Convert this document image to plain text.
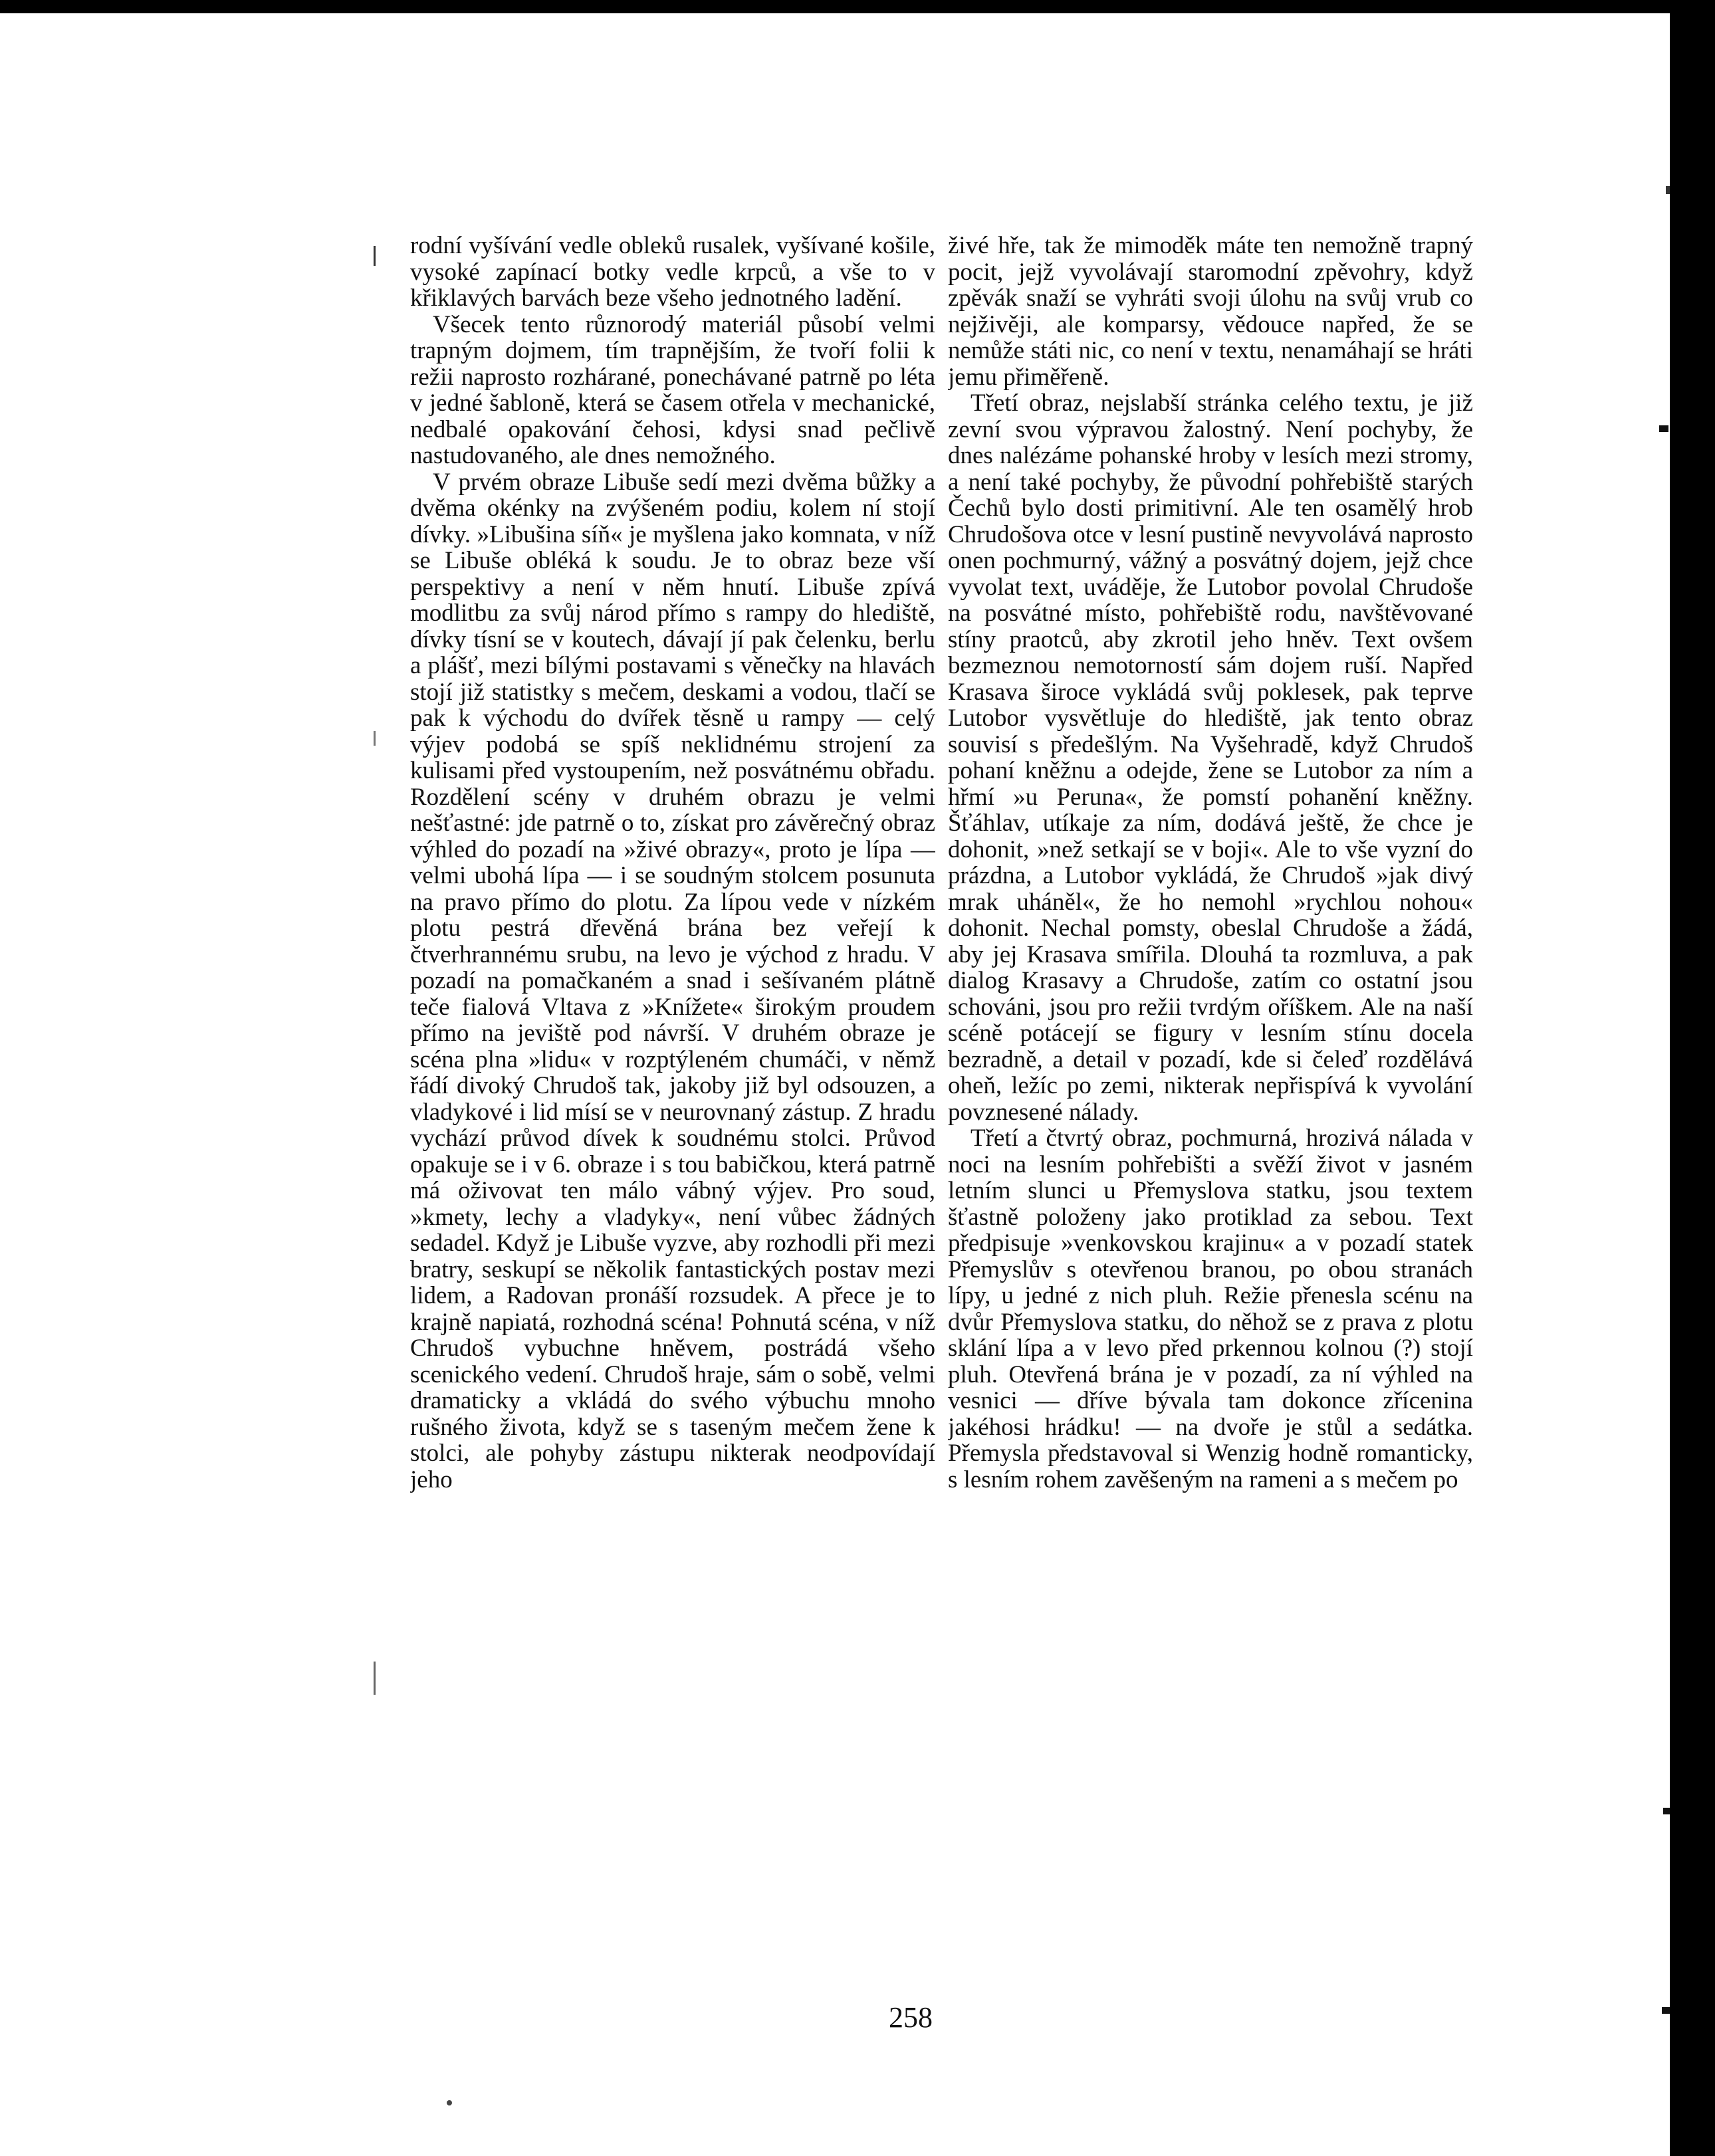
rodní vyšívání vedle obleků rusalek, vyšívané košile, vysoké zapínací botky vedle krpců, a vše to v křiklavých barvách beze všeho jednotného ladění.

Všecek tento různorodý materiál působí velmi trapným dojmem, tím trapnějším, že tvoří folii k režii naprosto rozhárané, ponechávané patrně po léta v jedné šabloně, která se časem otřela v mechanické, nedbalé opakování čehosi, kdysi snad pečlivě nastudovaného, ale dnes nemožného.

V prvém obraze Libuše sedí mezi dvěma bůžky a dvěma okénky na zvýšeném podiu, kolem ní stojí dívky. »Libušina síň« je myšlena jako komnata, v níž se Libuše obléká k soudu. Je to obraz beze vší perspektivy a není v něm hnutí. Libuše zpívá modlitbu za svůj národ přímo s rampy do hlediště, dívky tísní se v koutech, dávají jí pak čelenku, berlu a plášť, mezi bílými postavami s věnečky na hlavách stojí již statistky s mečem, deskami a vodou, tlačí se pak k východu do dvířek těsně u rampy — celý výjev podobá se spíš neklidnému strojení za kulisami před vystoupením, než posvátnému obřadu. Rozdělení scény v druhém obrazu je velmi nešťastné: jde patrně o to, získat pro závěrečný obraz výhled do pozadí na »živé obrazy«, proto je lípa — velmi ubohá lípa — i se soudným stolcem posunuta na pravo přímo do plotu. Za lípou vede v nízkém plotu pestrá dřevěná brána bez veřejí k čtverhrannému srubu, na levo je východ z hradu. V pozadí na pomačkaném a snad i sešívaném plátně teče fialová Vltava z »Knížete« širokým proudem přímo na jeviště pod návrší. V druhém obraze je scéna plna »lidu« v rozptýleném chumáči, v němž řádí divoký Chrudoš tak, jakoby již byl odsouzen, a vladykové i lid mísí se v neurovnaný zástup. Z hradu vychází průvod dívek k soudnému stolci. Průvod opakuje se i v 6. obraze i s tou babičkou, která patrně má oživovat ten málo vábný výjev. Pro soud, »kmety, lechy a vladyky«, není vůbec žádných sedadel. Když je Libuše vyzve, aby rozhodli při mezi bratry, seskupí se několik fantastických postav mezi lidem, a Radovan pronáší rozsudek. A přece je to krajně napiatá, rozhodná scéna! Pohnutá scéna, v níž Chrudoš vybuchne hněvem, postrádá všeho scenického vedení. Chrudoš hraje, sám o sobě, velmi dramaticky a vkládá do svého výbuchu mnoho rušného života, když se s taseným mečem žene k stolci, ale pohyby zástupu nikterak neodpovídají jeho

živé hře, tak že mimoděk máte ten nemožně trapný pocit, jejž vyvolávají staromodní zpěvohry, když zpěvák snaží se vyhráti svoji úlohu na svůj vrub co nejživěji, ale komparsy, vědouce napřed, že se nemůže státi nic, co není v textu, nenamáhají se hráti jemu přiměřeně.

Třetí obraz, nejslabší stránka celého textu, je již zevní svou výpravou žalostný. Není pochyby, že dnes nalézáme pohanské hroby v lesích mezi stromy, a není také pochyby, že původní pohřebiště starých Čechů bylo dosti primitivní. Ale ten osamělý hrob Chrudošova otce v lesní pustině nevyvolává naprosto onen pochmurný, vážný a posvátný dojem, jejž chce vyvolat text, uváděje, že Lutobor povolal Chrudoše na posvátné místo, pohřebiště rodu, navštěvované stíny praotců, aby zkrotil jeho hněv. Text ovšem bezmeznou nemotorností sám dojem ruší. Napřed Krasava široce vykládá svůj poklesek, pak teprve Lutobor vysvětluje do hlediště, jak tento obraz souvisí s předešlým. Na Vyšehradě, když Chrudoš pohaní kněžnu a odejde, žene se Lutobor za ním a hřmí »u Peruna«, že pomstí pohanění kněžny. Šťáhlav, utíkaje za ním, dodává ještě, že chce je dohonit, »než setkají se v boji«. Ale to vše vyzní do prázdna, a Lutobor vykládá, že Chrudoš »jak divý mrak uháněl«, že ho nemohl »rychlou nohou« dohonit. Nechal pomsty, obeslal Chrudoše a žádá, aby jej Krasava smířila. Dlouhá ta rozmluva, a pak dialog Krasavy a Chrudoše, zatím co ostatní jsou schováni, jsou pro režii tvrdým oříškem. Ale na naší scéně potácejí se figury v lesním stínu docela bezradně, a detail v pozadí, kde si čeleď rozdělává oheň, ležíc po zemi, nikterak nepřispívá k vyvolání povznesené nálady.

Třetí a čtvrtý obraz, pochmurná, hrozivá nálada v noci na lesním pohřebišti a svěží život v jasném letním slunci u Přemyslova statku, jsou textem šťastně položeny jako protiklad za sebou. Text předpisuje »venkovskou krajinu« a v pozadí statek Přemyslův s otevřenou branou, po obou stranách lípy, u jedné z nich pluh. Režie přenesla scénu na dvůr Přemyslova statku, do něhož se z prava z plotu sklání lípa a v levo před prkennou kolnou (?) stojí pluh. Otevřená brána je v pozadí, za ní výhled na vesnici — dříve bývala tam dokonce zřícenina jakéhosi hrádku! — na dvoře je stůl a sedátka. Přemysla představoval si Wenzig hodně romanticky, s lesním rohem zavěšeným na rameni a s mečem po

258
